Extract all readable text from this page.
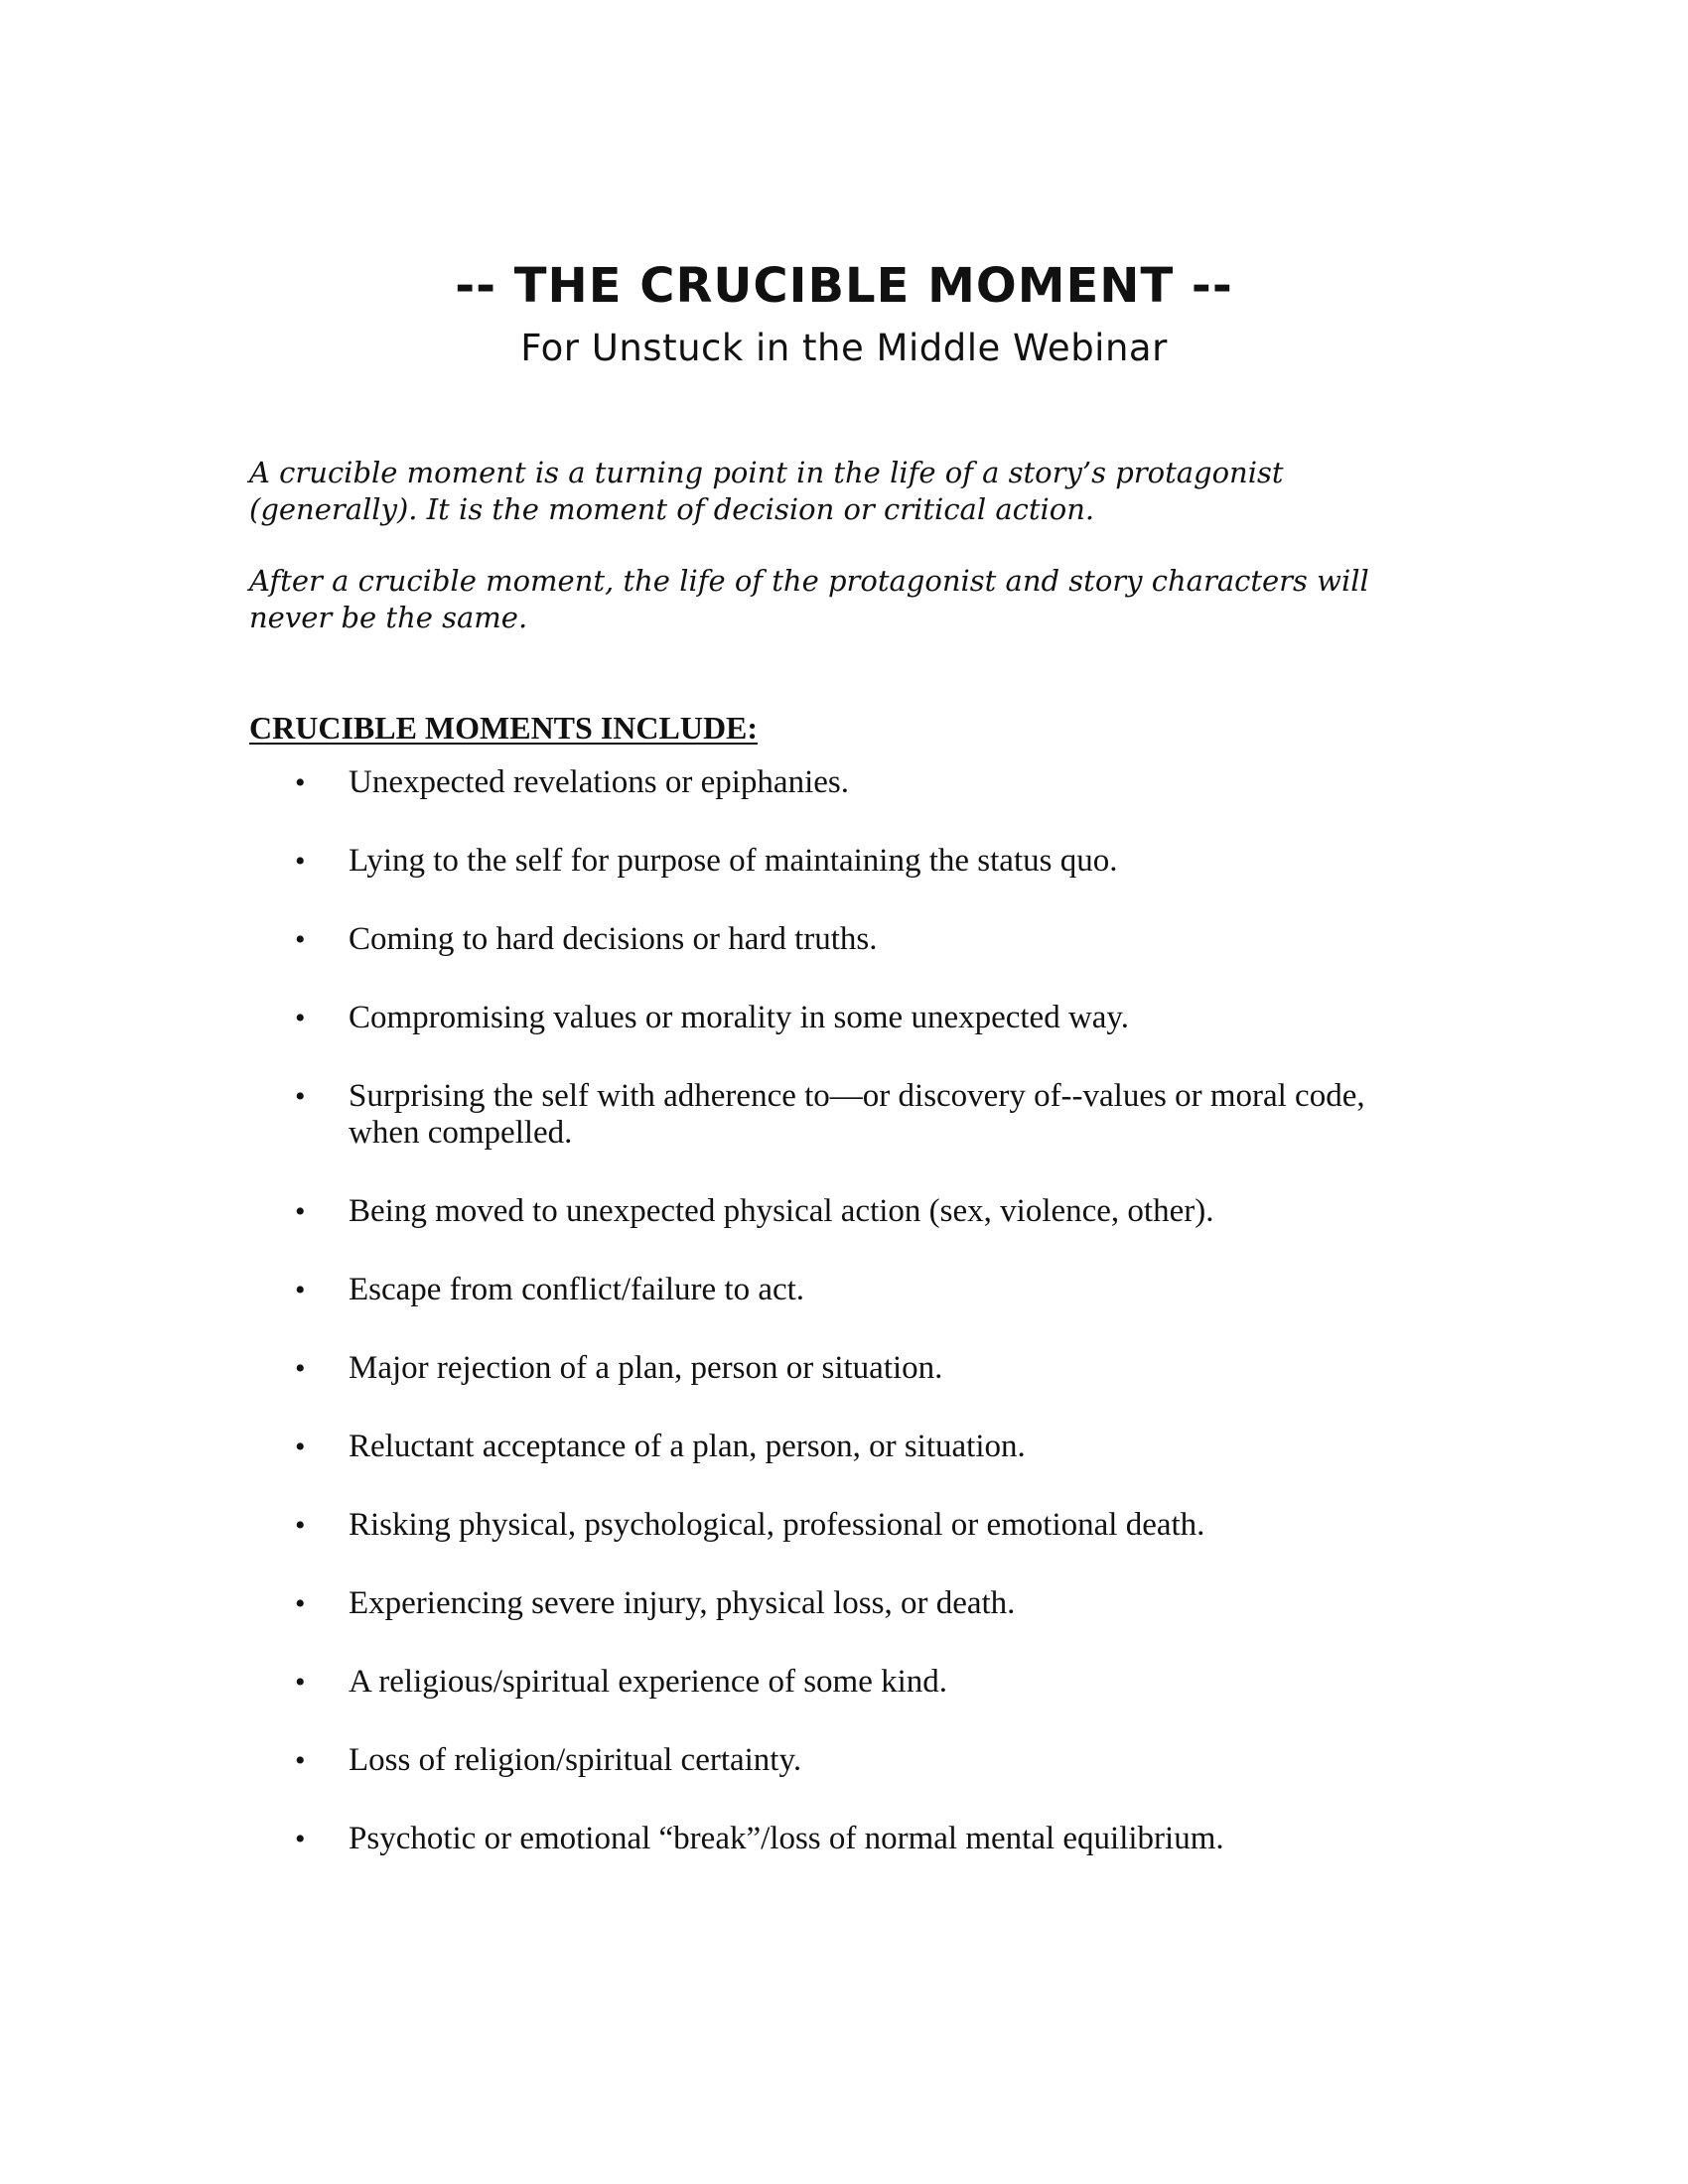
-- THE CRUCIBLE MOMENT --
For Unstuck in the Middle Webinar

A crucible moment is a turning point in the life of a story’s protagonist (generally). It is the moment of decision or critical action.

After a crucible moment, the life of the protagonist and story characters will never be the same.

CRUCIBLE MOMENTS INCLUDE:
• Unexpected revelations or epiphanies.
• Lying to the self for purpose of maintaining the status quo.
• Coming to hard decisions or hard truths.
• Compromising values or morality in some unexpected way.
• Surprising the self with adherence to—or discovery of--values or moral code, when compelled.
• Being moved to unexpected physical action (sex, violence, other).
• Escape from conflict/failure to act.
• Major rejection of a plan, person or situation.
• Reluctant acceptance of a plan, person, or situation.
• Risking physical, psychological, professional or emotional death.
• Experiencing severe injury, physical loss, or death.
• A religious/spiritual experience of some kind.
• Loss of religion/spiritual certainty.
• Psychotic or emotional “break”/loss of normal mental equilibrium.
